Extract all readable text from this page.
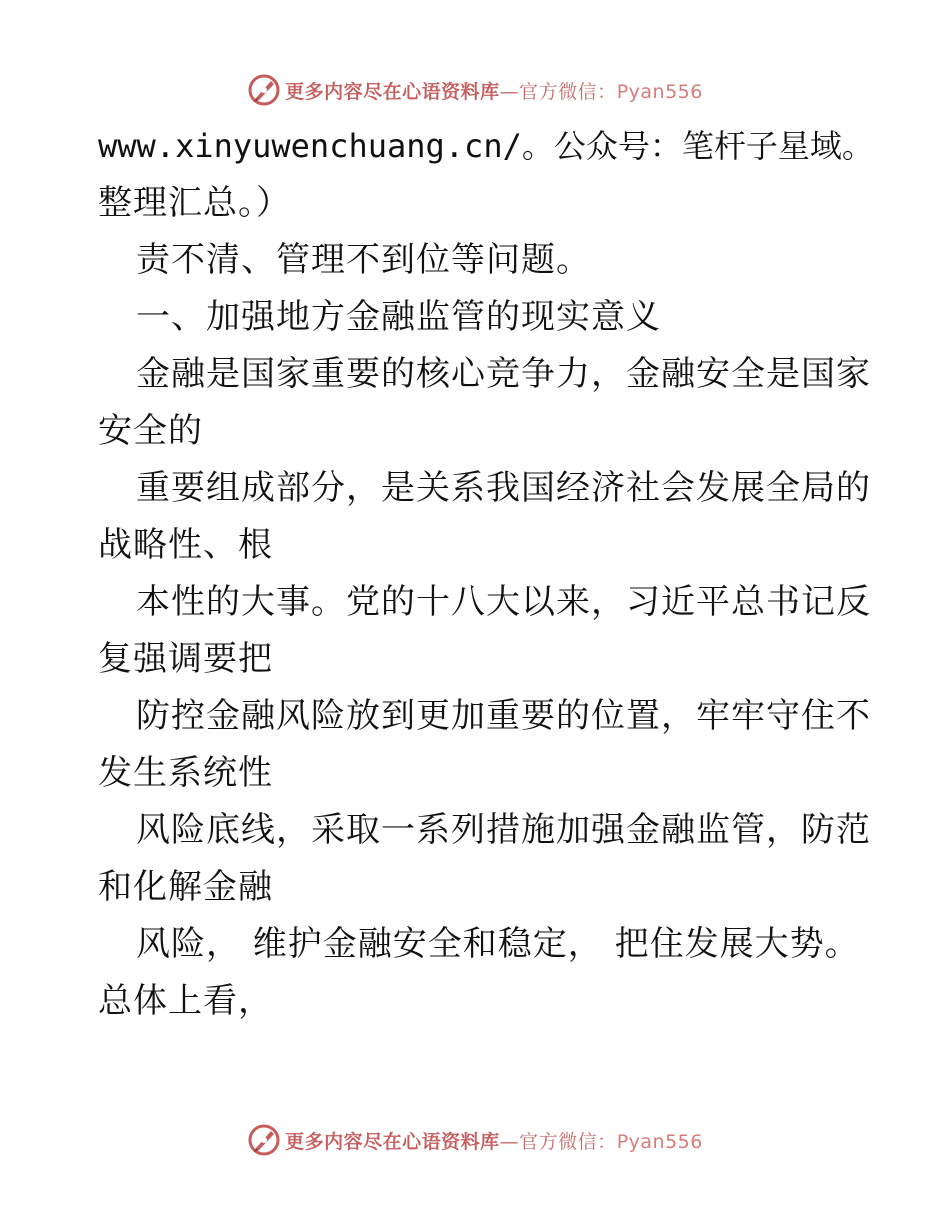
更多内容尽在心语资料库—官方微信：Pyan556
www.xinyuwenchuang.cn/。公众号：笔杆子星域。
整理汇总。）
责不清、管理不到位等问题。
一、加强地方金融监管的现实意义
金融是国家重要的核心竞争力，金融安全是国家
安全的
重要组成部分，是关系我国经济社会发展全局的
战略性、根
本性的大事。党的十八大以来，习近平总书记反
复强调要把
防控金融风险放到更加重要的位置，牢牢守住不
发生系统性
风险底线，采取一系列措施加强金融监管，防范
和化解金融
风险， 维护金融安全和稳定， 把住发展大势。
总体上看，
更多内容尽在心语资料库—官方微信：Pyan556
